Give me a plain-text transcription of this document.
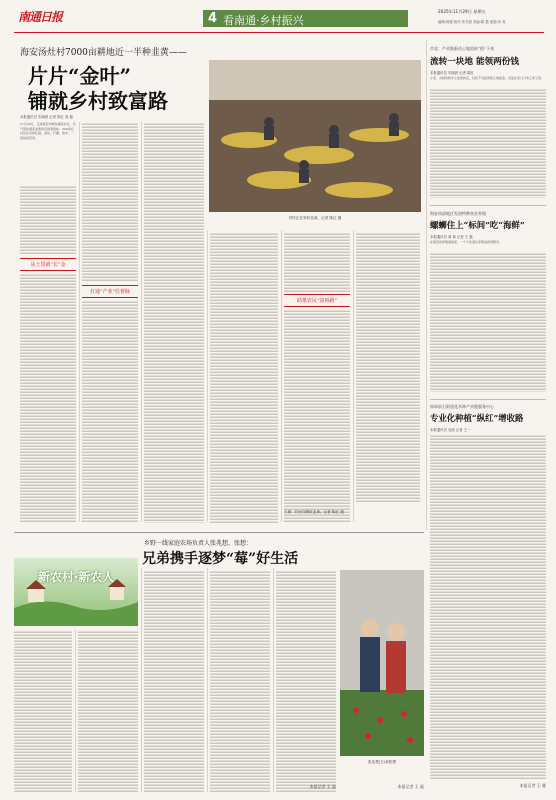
南通日报	4 看南通·乡村振兴
2025年11月29日 星期五
编辑:杨健 校对:朱冬丽 美编:陈 磊 组版:孙 爽
海安汤灶村7000亩耕地近一半种韭黄——
片片“金叶”
铺就乡村致富路
村民正在采收韭黄。记者 陈红 摄
本报通讯员 朱晓晨 记者 陈红 高 磊
11月24日，走进海安市城东镇汤灶村，空气里弥漫着韭黄特有的清香味。300余名村民在田间忙碌，采收、打捆、装车，一派热闹景象。
从土里就“长”金
打通“产业”任督脉
助推农民“富裕路”
左图：村民在晒收韭黄。记者 陈红 摄
市北：产业链驱动土地流转“稳”下来
流转一块地 能领两份钱
本报通讯员 朱晓晨 记者 陈红
小麦、水稻的轮作土地流转后，村民不仅能领取土地租金，还能在家门口务工挣工资。
海安南部地区发展特种鱼业养殖
螺蛳住上“标间”吃“海鲜”
本报通讯员 周 林 记者 王 磊
在海安的养殖基地里，一个个标准化养殖池排列整齐。
如皋前石街道花木林产业链服务中心
专业化种植“纵红”增收路
本报通讯员 吴阅 记者 王一
本报记者 王 雁
乡野一线家庭农场负责人张兆想、张想：
兄弟携手逐梦“莓”好生活
新农村·新农人
本报记者 王 磊
张兆想(左)和张想
本报记者 王 磊
